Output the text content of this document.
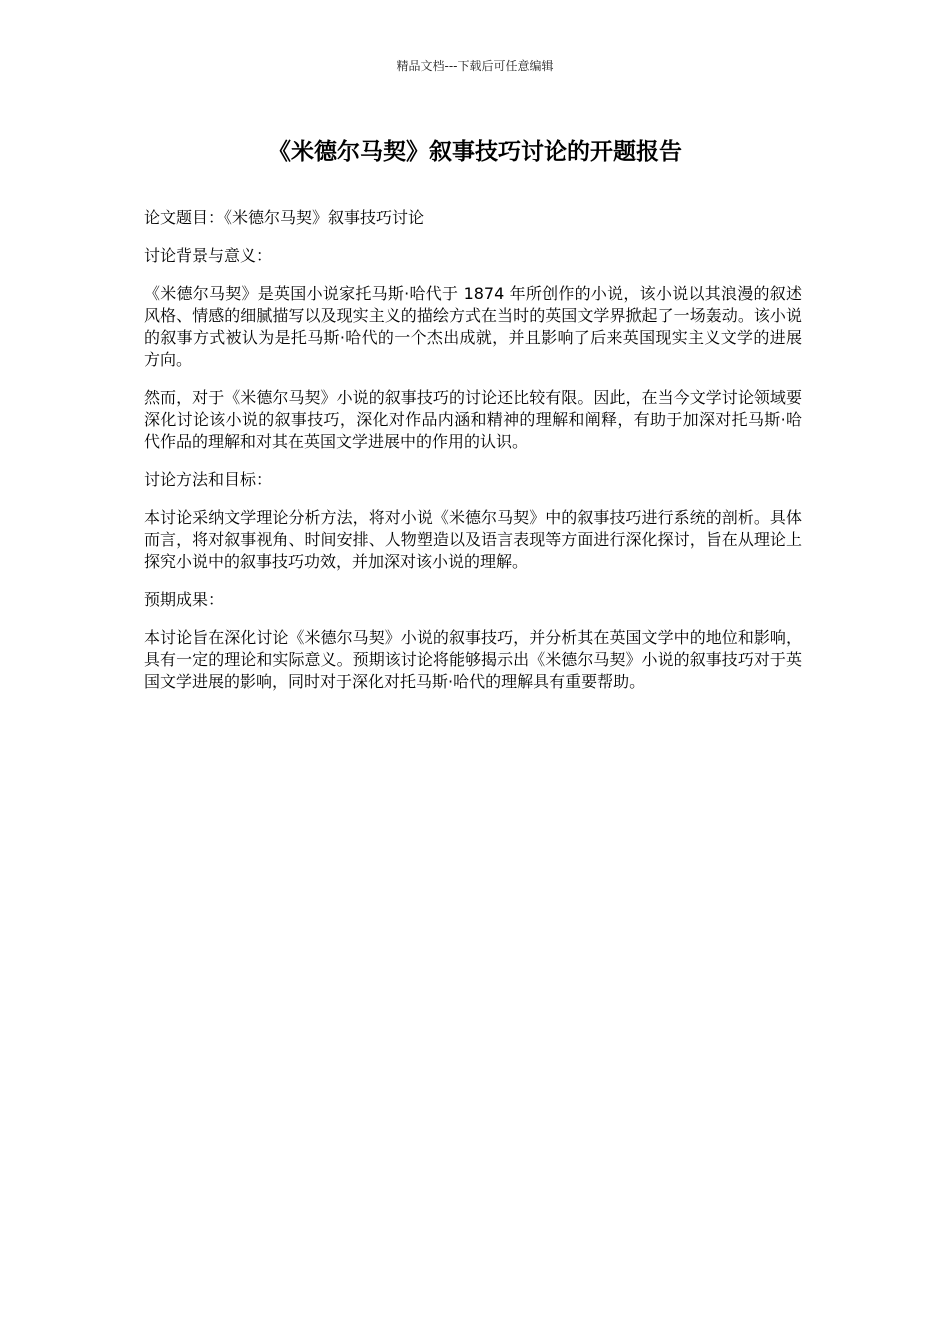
精品文档---下载后可任意编辑
《米德尔马契》叙事技巧讨论的开题报告

论文题目：《米德尔马契》叙事技巧讨论

讨论背景与意义：

《米德尔马契》是英国小说家托马斯·哈代于 1874 年所创作的小说，该小说以其浪漫的叙述风格、情感的细腻描写以及现实主义的描绘方式在当时的英国文学界掀起了一场轰动。该小说的叙事方式被认为是托马斯·哈代的一个杰出成就，并且影响了后来英国现实主义文学的进展方向。

然而，对于《米德尔马契》小说的叙事技巧的讨论还比较有限。因此，在当今文学讨论领域要深化讨论该小说的叙事技巧，深化对作品内涵和精神的理解和阐释，有助于加深对托马斯·哈代作品的理解和对其在英国文学进展中的作用的认识。

讨论方法和目标：

本讨论采纳文学理论分析方法，将对小说《米德尔马契》中的叙事技巧进行系统的剖析。具体而言，将对叙事视角、时间安排、人物塑造以及语言表现等方面进行深化探讨，旨在从理论上探究小说中的叙事技巧功效，并加深对该小说的理解。

预期成果：

本讨论旨在深化讨论《米德尔马契》小说的叙事技巧，并分析其在英国文学中的地位和影响，具有一定的理论和实际意义。预期该讨论将能够揭示出《米德尔马契》小说的叙事技巧对于英国文学进展的影响，同时对于深化对托马斯·哈代的理解具有重要帮助。
